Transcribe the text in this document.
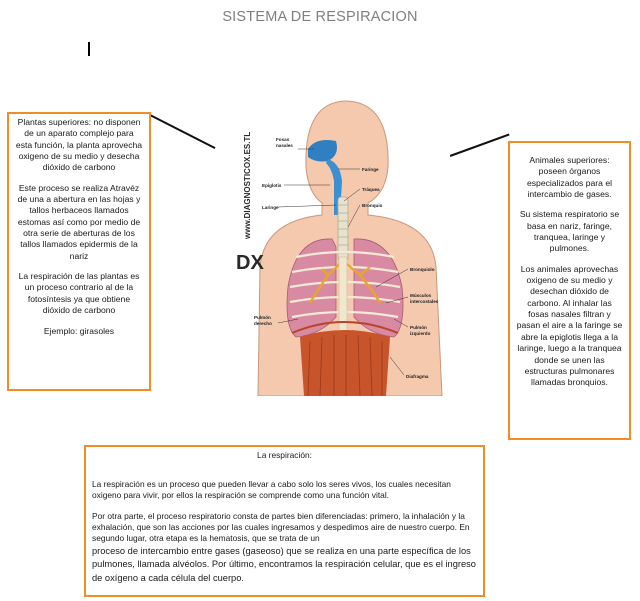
SISTEMA DE RESPIRACION

Plantas superiores: no disponen de un aparato complejo para esta función, la planta aprovecha oxigeno de su medio y desecha dióxido de carbono

Este proceso se realiza Atravéz de una a abertura en las hojas y tallos herbaceos llamados estomas así como por medio de otra serie de aberturas de los tallos llamados epidermis de la nariz

La respiración de las plantas es un proceso contrario al de la fotosíntesis ya que obtiene dióxido de carbono

Ejemplo: girasoles

Animales superiores: poseen órganos especializados para el intercambio de gases.

Su sistema respiratorio se basa en nariz, faringe, tranquea, laringe y pulmones.

Los animales aprovechas oxigeno de su medio y desechan dióxido de carbono. Al inhalar las fosas nasales filtran y pasan el aire a la faringe se abre la epiglotis llega a la laringe, luego a la tranquea donde se unen las estructuras pulmonares llamadas bronquios.

La respiración:

La respiración es un proceso que pueden llevar a cabo solo los seres vivos, los cuales necesitan oxigeno para vivir, por ellos la respiración se comprende como una función vital.

Por otra parte, el proceso respiratorio consta de partes bien diferenciadas: primero, la inhalación y la exhalación, que son las acciones por las cuales ingresamos y despedimos aire de nuestro cuerpo. En segundo lugar, otra etapa es la hematosis, que se trata de un

proceso de intercambio entre gases (gaseoso) que se realiza en una parte específica de los pulmones, llamada alvéolos. Por último, encontramos la respiración celular, que es el ingreso de oxígeno a cada célula del cuerpo.

www.DIAGNOSTICOX.ES.TL
DX
Fosas
nasales
Faringe
Epiglotis
Tráquea
Laringe	Bronquio
Bronquiolo
Músculos
intercostales
Pulmón
izquierdo
Pulmón
derecho
Diafragma
